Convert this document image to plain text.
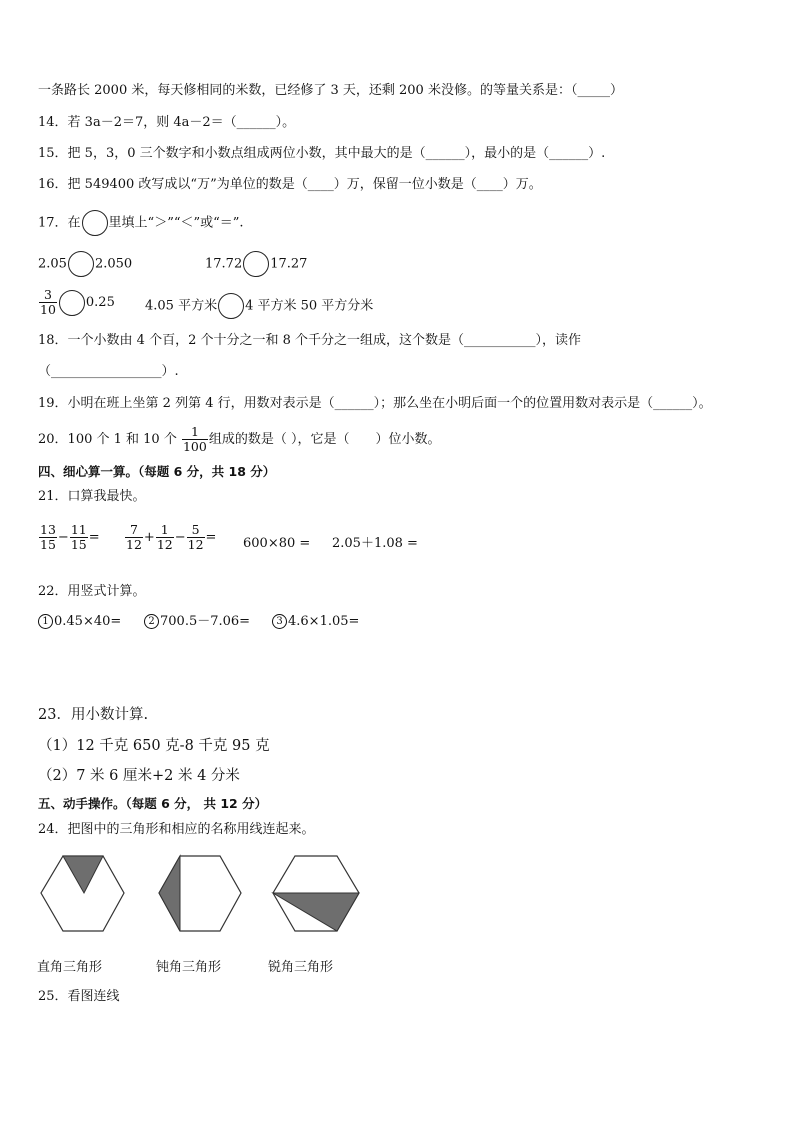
一条路长 2000 米，每天修相同的米数，已经修了 3 天，还剩 200 米没修。的等量关系是：（_____）
14．若 3a－2＝7，则 4a－2＝（______）。
15．把 5，3，0 三个数字和小数点组成两位小数，其中最大的是（______），最小的是（______）.
16．把 549400 改写成以“万”为单位的数是（____）万，保留一位小数是（____）万。
17．在 里填上“＞”“＜”或“＝”.
2.05 2.050	17.72 17.27
$\frac{3}{10} 0.25$ 4.05 平方米 4 平方米 50 平方分米
18．一个小数由 4 个百，2 个十分之一和 8 个千分之一组成，这个数是（___________），读作
（_________________）.
19．小明在班上坐第 2 列第 4 行，用数对表示是（______）；那么坐在小明后面一个的位置用数对表示是（______）。
20．100 个 1 和 10 个 $\frac{1}{100}$ 组成的数是（ ），它是（　　）位小数。
四、细心算一算。（每题 6 分，共 18 分）
21．口算我最快。
$\frac{13}{15} - \frac{11}{15} = \frac{7}{12} + \frac{1}{12} - \frac{5}{12} = 600\times 80 = 2.05+1.08$ =
22．用竖式计算。
1 0.45×40=	2 700.5－7.06=	3 4.6×1.05=
23．用小数计算.
（1）12 千克 650 克-8 千克 95 克
（2）7 米 6 厘米+2 米 4 分米
五、动手操作。（每题 6 分， 共 12 分）
24．把图中的三角形和相应的名称用线连起来。
直角三角形	钝角三角形	锐角三角形
25．看图连线
